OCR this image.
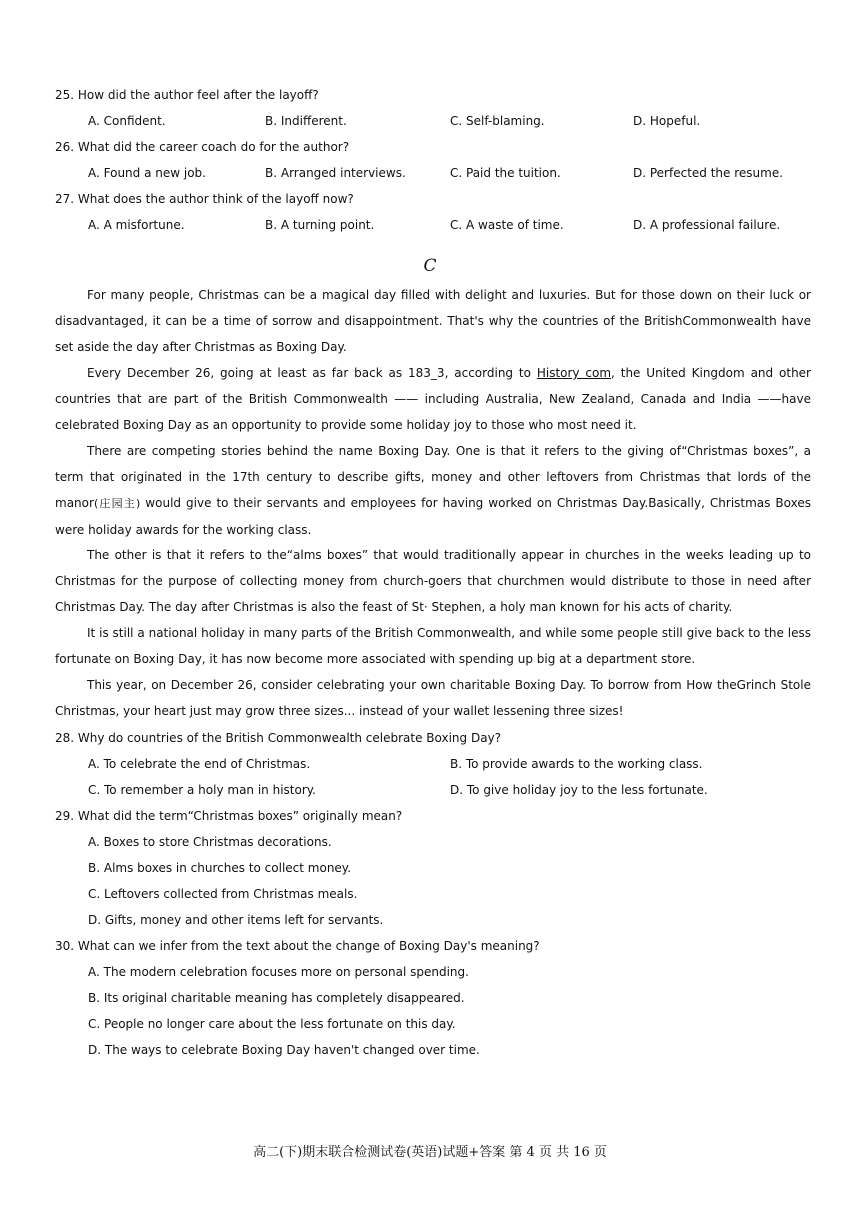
25. How did the author feel after the layoff?
A. Confident.	B. Indifferent.	C. Self-blaming.	D. Hopeful.
26. What did the career coach do for the author?
A. Found a new job.	B. Arranged interviews.	C. Paid the tuition.	D. Perfected the resume.
27. What does the author think of the layoff now?
A. A misfortune.	B. A turning point.	C. A waste of time.	D. A professional failure.
C
For many people, Christmas can be a magical day filled with delight and luxuries. But for those down on their luck or disadvantaged, it can be a time of sorrow and disappointment. That's why the countries of the BritishCommonwealth have set aside the day after Christmas as Boxing Day.
Every December 26, going at least as far back as 183_3, according to History com, the United Kingdom and other countries that are part of the British Commonwealth —— including Australia, New Zealand, Canada and India ——have celebrated Boxing Day as an opportunity to provide some holiday joy to those who most need it.
There are competing stories behind the name Boxing Day. One is that it refers to the giving of“Christmas boxes”, a term that originated in the 17th century to describe gifts, money and other leftovers from Christmas that lords of the manor(庄园主) would give to their servants and employees for having worked on Christmas Day.Basically, Christmas Boxes were holiday awards for the working class.
The other is that it refers to the“alms boxes” that would traditionally appear in churches in the weeks leading up to Christmas for the purpose of collecting money from church-goers that churchmen would distribute to those in need after Christmas Day. The day after Christmas is also the feast of St· Stephen, a holy man known for his acts of charity.
It is still a national holiday in many parts of the British Commonwealth, and while some people still give back to the less fortunate on Boxing Day, it has now become more associated with spending up big at a department store.
This year, on December 26, consider celebrating your own charitable Boxing Day. To borrow from How theGrinch Stole Christmas, your heart just may grow three sizes... instead of your wallet lessening three sizes!
28. Why do countries of the British Commonwealth celebrate Boxing Day?
A. To celebrate the end of Christmas.	B. To provide awards to the working class.
C. To remember a holy man in history.	D. To give holiday joy to the less fortunate.
29. What did the term“Christmas boxes” originally mean?
A. Boxes to store Christmas decorations.
B. Alms boxes in churches to collect money.
C. Leftovers collected from Christmas meals.
D. Gifts, money and other items left for servants.
30. What can we infer from the text about the change of Boxing Day's meaning?
A. The modern celebration focuses more on personal spending.
B. Its original charitable meaning has completely disappeared.
C. People no longer care about the less fortunate on this day.
D. The ways to celebrate Boxing Day haven't changed over time.
高二(下)期末联合检测试卷(英语)试题+答案 第 4 页 共 16 页
